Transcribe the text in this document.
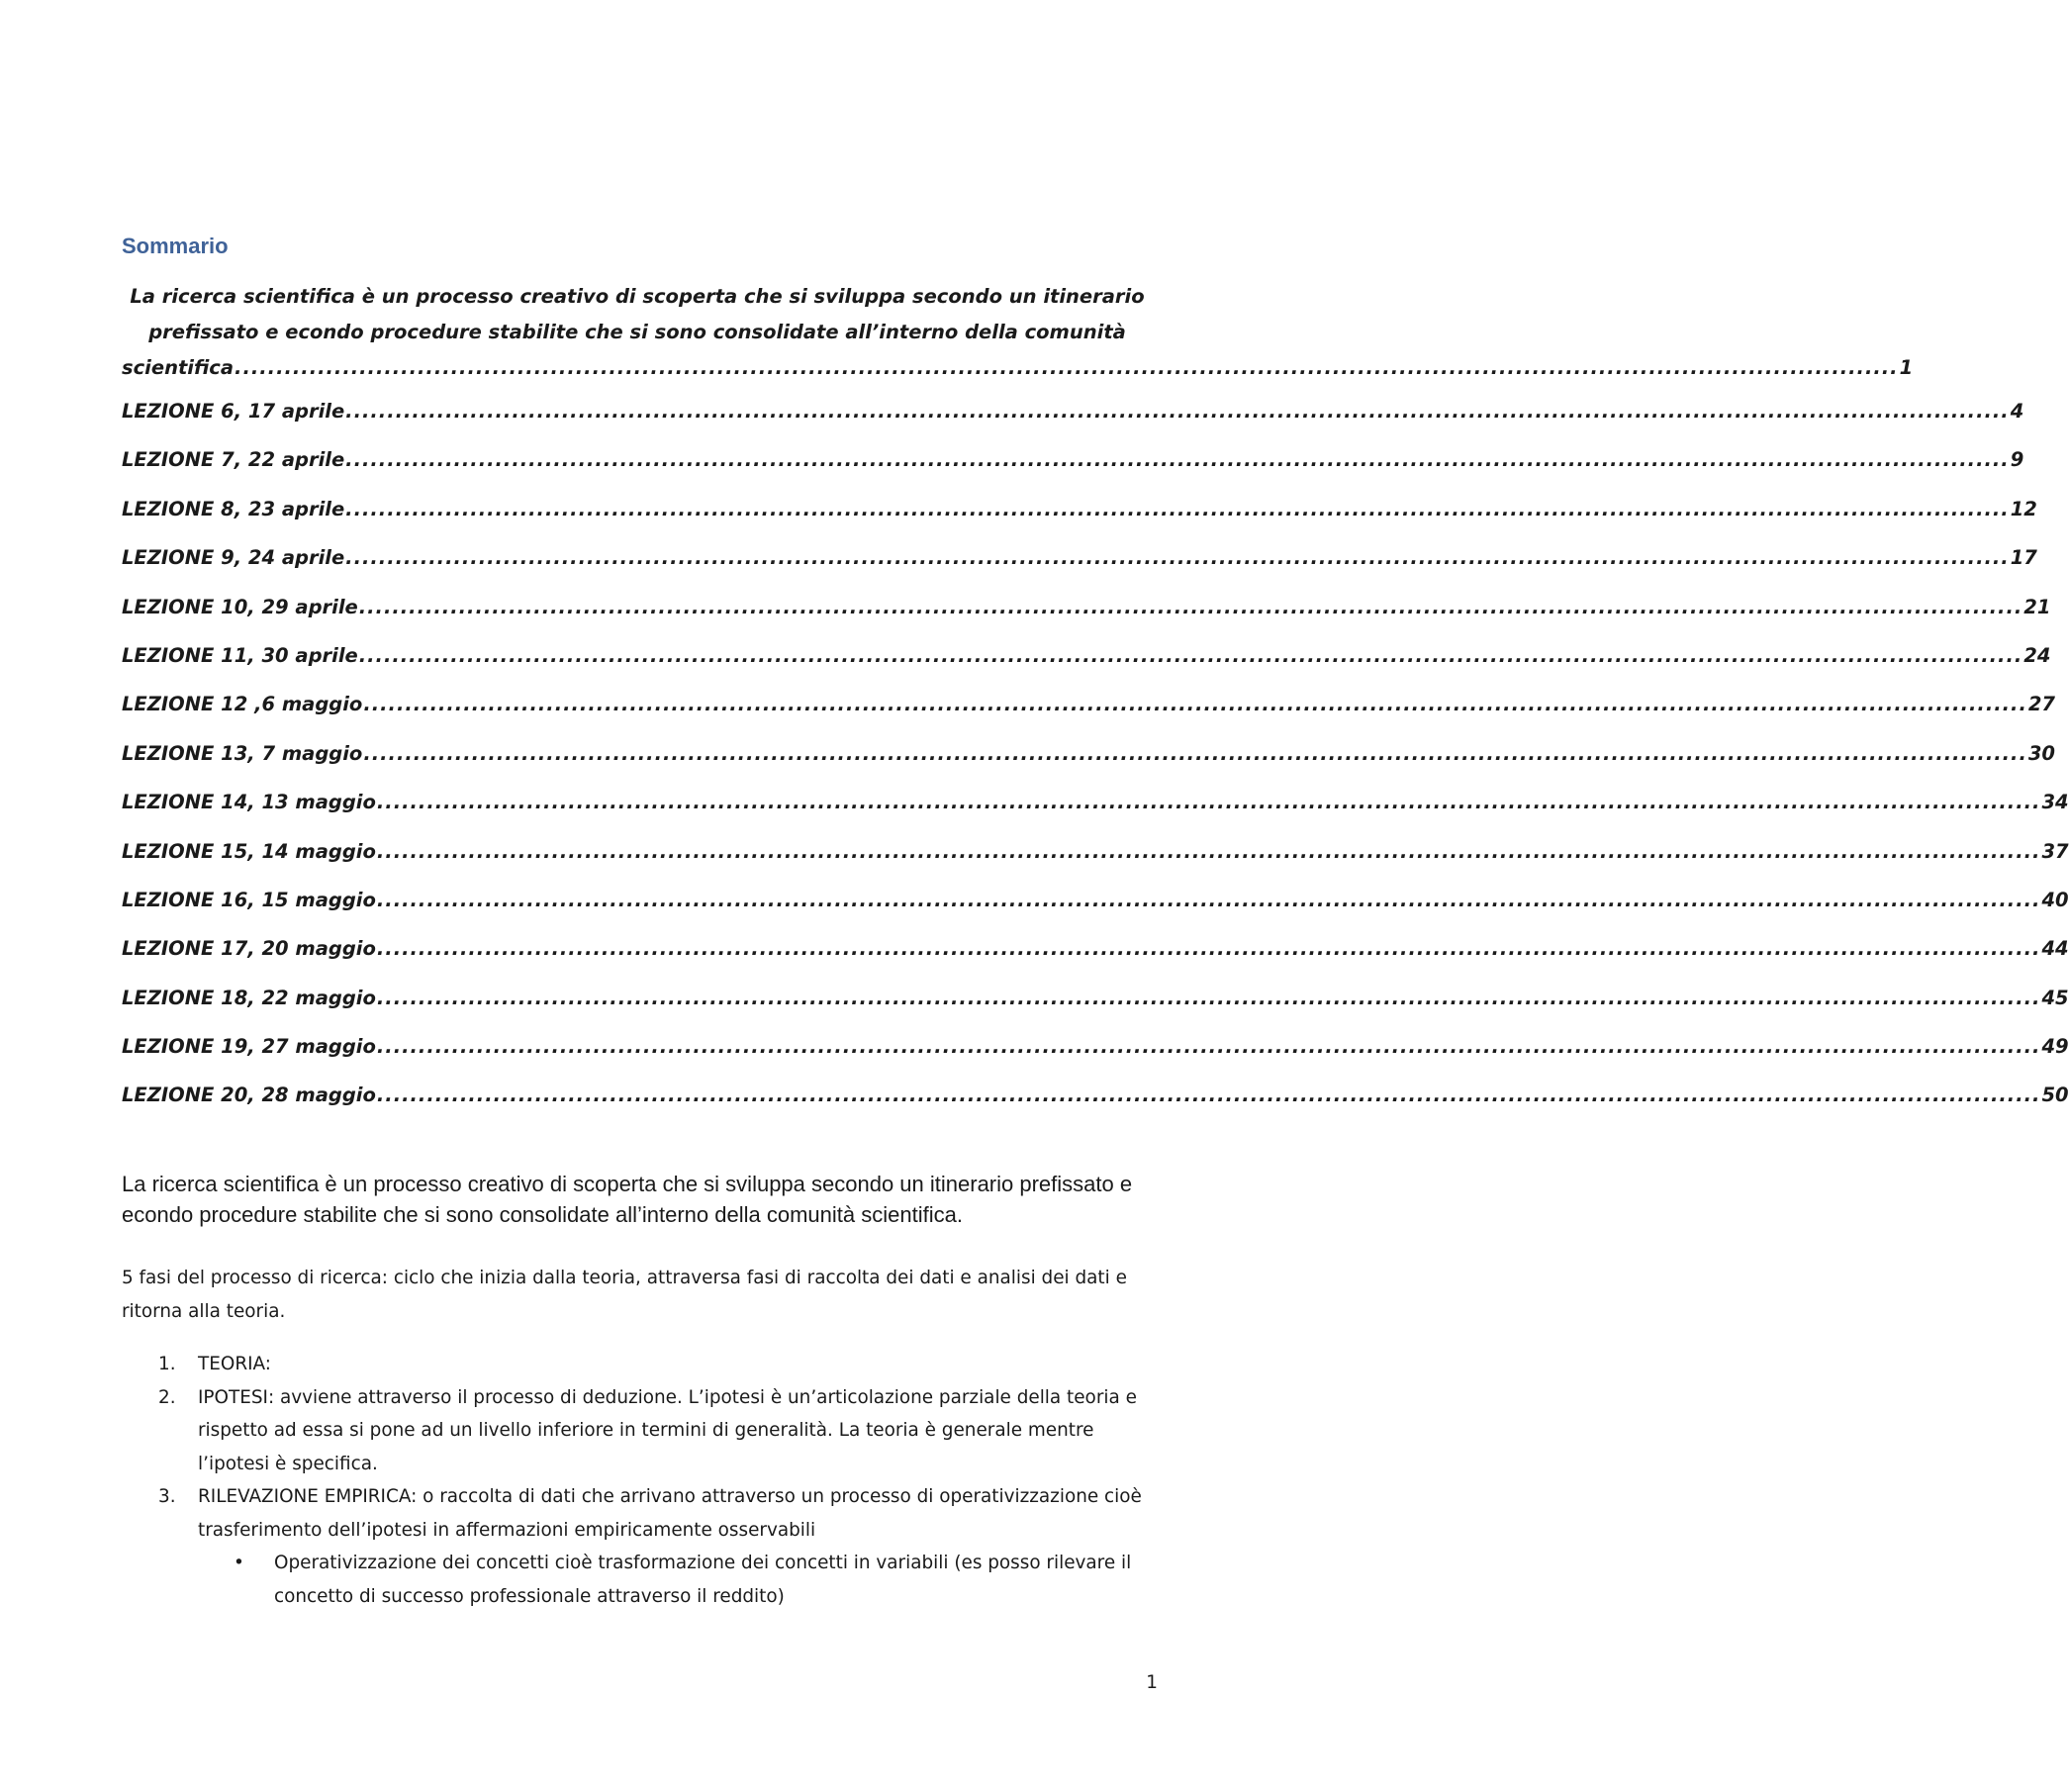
Sommario
La ricerca scientifica è un processo creativo di scoperta che si sviluppa secondo un itinerario
prefissato e econdo procedure stabilite che si sono consolidate all’interno della comunità
scientifica ........................................................................................................................................................................................................ 1
LEZIONE 6, 17 aprile ........................................................................................................................................................................................................ 4
LEZIONE 7, 22 aprile ........................................................................................................................................................................................................ 9
LEZIONE 8, 23 aprile ........................................................................................................................................................................................................ 12
LEZIONE 9, 24 aprile ........................................................................................................................................................................................................ 17
LEZIONE 10, 29 aprile ........................................................................................................................................................................................................ 21
LEZIONE 11, 30 aprile ........................................................................................................................................................................................................ 24
LEZIONE 12 ,6 maggio ........................................................................................................................................................................................................ 27
LEZIONE 13, 7 maggio ........................................................................................................................................................................................................ 30
LEZIONE 14, 13 maggio ........................................................................................................................................................................................................ 34
LEZIONE 15, 14 maggio ........................................................................................................................................................................................................ 37
LEZIONE 16, 15 maggio ........................................................................................................................................................................................................ 40
LEZIONE 17, 20 maggio ........................................................................................................................................................................................................ 44
LEZIONE 18, 22 maggio ........................................................................................................................................................................................................ 45
LEZIONE 19, 27 maggio ........................................................................................................................................................................................................ 49
LEZIONE 20, 28 maggio ........................................................................................................................................................................................................ 50

La ricerca scientifica è un processo creativo di scoperta che si sviluppa secondo un itinerario prefissato e econdo procedure stabilite che si sono consolidate all’interno della comunità scientifica.

5 fasi del processo di ricerca: ciclo che inizia dalla teoria, attraversa fasi di raccolta dei dati e analisi dei dati e ritorna alla teoria.

1. TEORIA:
2. IPOTESI: avviene attraverso il processo di deduzione. L’ipotesi è un’articolazione parziale della teoria e rispetto ad essa si pone ad un livello inferiore in termini di generalità. La teoria è generale mentre l’ipotesi è specifica.
3. RILEVAZIONE EMPIRICA: o raccolta di dati che arrivano attraverso un processo di operativizzazione cioè trasferimento dell’ipotesi in affermazioni empiricamente osservabili
• Operativizzazione dei concetti cioè trasformazione dei concetti in variabili (es posso rilevare il concetto di successo professionale attraverso il reddito)
1
